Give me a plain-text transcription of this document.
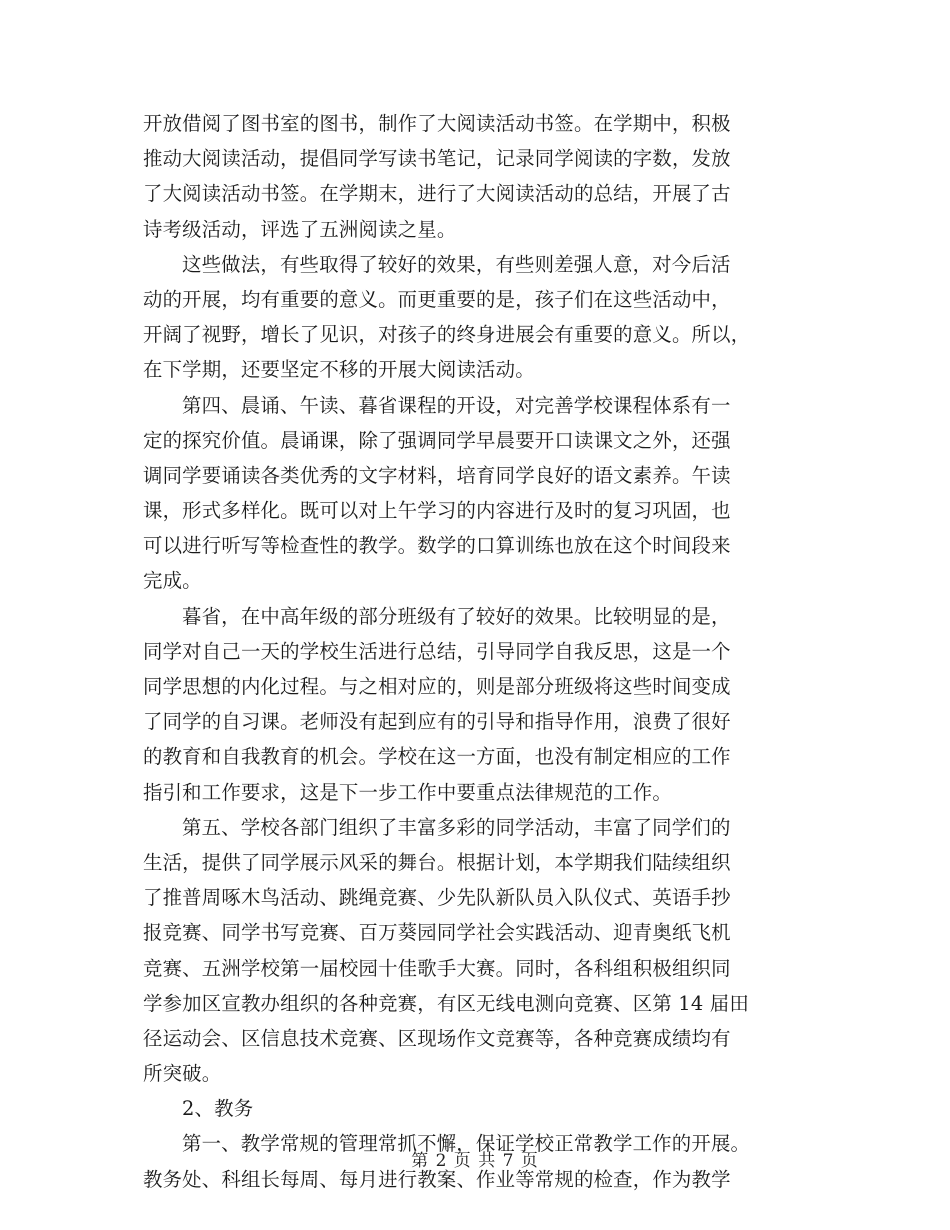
开放借阅了图书室的图书，制作了大阅读活动书签。在学期中，积极
推动大阅读活动，提倡同学写读书笔记，记录同学阅读的字数，发放
了大阅读活动书签。在学期末，进行了大阅读活动的总结，开展了古
诗考级活动，评选了五洲阅读之星。
这些做法，有些取得了较好的效果，有些则差强人意，对今后活
动的开展，均有重要的意义。而更重要的是，孩子们在这些活动中，
开阔了视野，增长了见识，对孩子的终身进展会有重要的意义。所以，
在下学期，还要坚定不移的开展大阅读活动。
第四、晨诵、午读、暮省课程的开设，对完善学校课程体系有一
定的探究价值。晨诵课，除了强调同学早晨要开口读课文之外，还强
调同学要诵读各类优秀的文字材料，培育同学良好的语文素养。午读
课，形式多样化。既可以对上午学习的内容进行及时的复习巩固，也
可以进行听写等检查性的教学。数学的口算训练也放在这个时间段来
完成。
暮省，在中高年级的部分班级有了较好的效果。比较明显的是，
同学对自己一天的学校生活进行总结，引导同学自我反思，这是一个
同学思想的内化过程。与之相对应的，则是部分班级将这些时间变成
了同学的自习课。老师没有起到应有的引导和指导作用，浪费了很好
的教育和自我教育的机会。学校在这一方面，也没有制定相应的工作
指引和工作要求，这是下一步工作中要重点法律规范的工作。
第五、学校各部门组织了丰富多彩的同学活动，丰富了同学们的
生活，提供了同学展示风采的舞台。根据计划，本学期我们陆续组织
了推普周啄木鸟活动、跳绳竞赛、少先队新队员入队仪式、英语手抄
报竞赛、同学书写竞赛、百万葵园同学社会实践活动、迎青奥纸飞机
竞赛、五洲学校第一届校园十佳歌手大赛。同时，各科组积极组织同
学参加区宣教办组织的各种竞赛，有区无线电测向竞赛、区第 14 届田
径运动会、区信息技术竞赛、区现场作文竞赛等，各种竞赛成绩均有
所突破。
2、教务
第一、教学常规的管理常抓不懈，保证学校正常教学工作的开展。
教务处、科组长每周、每月进行教案、作业等常规的检查，作为教学
第 2 页 共 7 页
